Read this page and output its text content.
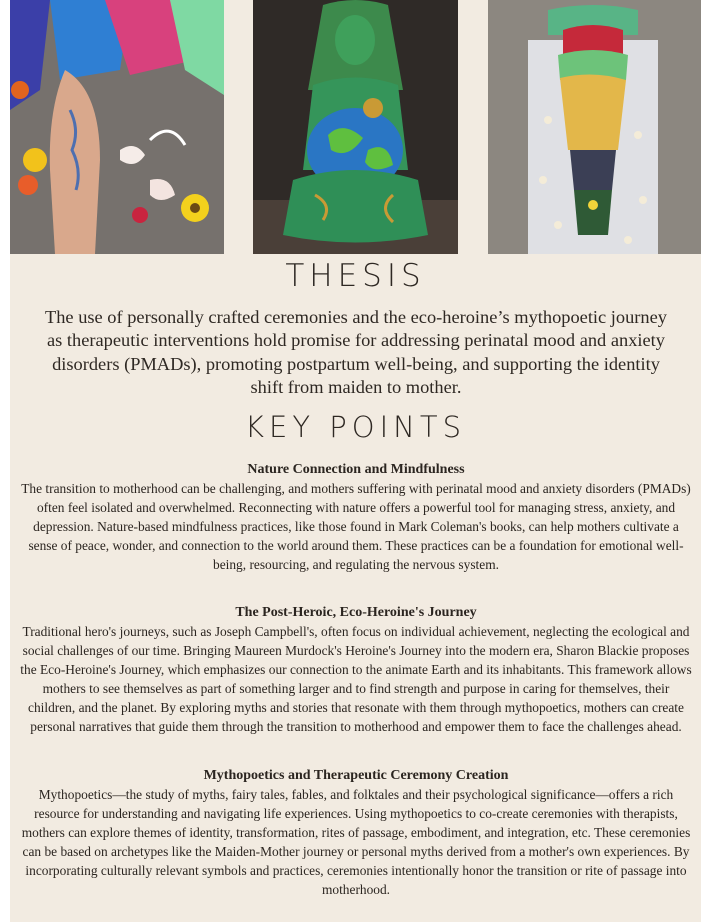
THESIS
The use of personally crafted ceremonies and the eco-heroine’s mythopoetic journey as therapeutic interventions hold promise for addressing perinatal mood and anxiety disorders (PMADs), promoting postpartum well-being, and supporting the identity shift from maiden to mother.
KEY POINTS
Nature Connection and Mindfulness
The transition to motherhood can be challenging, and mothers suffering with perinatal mood and anxiety disorders (PMADs) often feel isolated and overwhelmed. Reconnecting with nature offers a powerful tool for managing stress, anxiety, and depression. Nature-based mindfulness practices, like those found in Mark Coleman's books, can help mothers cultivate a sense of peace, wonder, and connection to the world around them. These practices can be a foundation for emotional well-being, resourcing, and regulating the nervous system.
The Post-Heroic, Eco-Heroine's Journey
Traditional hero's journeys, such as Joseph Campbell's, often focus on individual achievement, neglecting the ecological and social challenges of our time. Bringing Maureen Murdock's Heroine's Journey into the modern era, Sharon Blackie proposes the Eco-Heroine's Journey, which emphasizes our connection to the animate Earth and its inhabitants. This framework allows mothers to see themselves as part of something larger and to find strength and purpose in caring for themselves, their children, and the planet. By exploring myths and stories that resonate with them through mythopoetics, mothers can create personal narratives that guide them through the transition to motherhood and empower them to face the challenges ahead.
Mythopoetics and Therapeutic Ceremony Creation
Mythopoetics—the study of myths, fairy tales, fables, and folktales and their psychological significance—offers a rich resource for understanding and navigating life experiences. Using mythopoetics to co-create ceremonies with therapists, mothers can explore themes of identity, transformation, rites of passage, embodiment, and integration, etc. These ceremonies can be based on archetypes like the Maiden-Mother journey or personal myths derived from a mother's own experiences. By incorporating culturally relevant symbols and practices, ceremonies intentionally honor the transition or rite of passage into motherhood.
